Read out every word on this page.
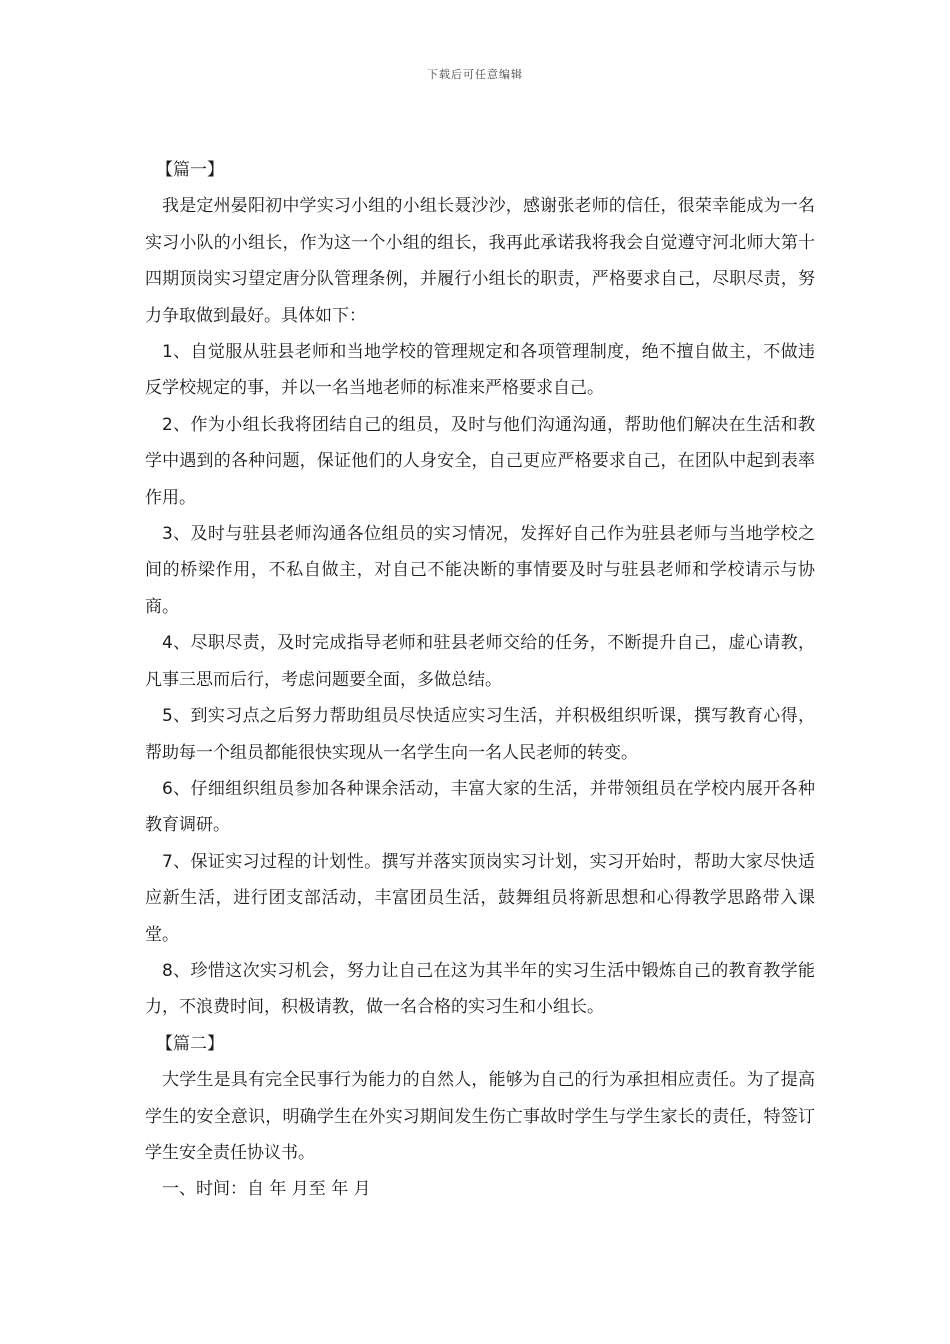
下载后可任意编辑

【篇一】

我是定州晏阳初中学实习小组的小组长聂沙沙，感谢张老师的信任，很荣幸能成为一名实习小队的小组长，作为这一个小组的组长，我再此承诺我将我会自觉遵守河北师大第十四期顶岗实习望定唐分队管理条例，并履行小组长的职责，严格要求自己，尽职尽责，努力争取做到最好。具体如下：

1、自觉服从驻县老师和当地学校的管理规定和各项管理制度，绝不擅自做主，不做违反学校规定的事，并以一名当地老师的标准来严格要求自己。

2、作为小组长我将团结自己的组员，及时与他们沟通沟通，帮助他们解决在生活和教学中遇到的各种问题，保证他们的人身安全，自己更应严格要求自己，在团队中起到表率作用。

3、及时与驻县老师沟通各位组员的实习情况，发挥好自己作为驻县老师与当地学校之间的桥梁作用，不私自做主，对自己不能决断的事情要及时与驻县老师和学校请示与协商。

4、尽职尽责，及时完成指导老师和驻县老师交给的任务，不断提升自己，虚心请教，凡事三思而后行，考虑问题要全面，多做总结。

5、到实习点之后努力帮助组员尽快适应实习生活，并积极组织听课，撰写教育心得，帮助每一个组员都能很快实现从一名学生向一名人民老师的转变。

6、仔细组织组员参加各种课余活动，丰富大家的生活，并带领组员在学校内展开各种教育调研。

7、保证实习过程的计划性。撰写并落实顶岗实习计划，实习开始时，帮助大家尽快适应新生活，进行团支部活动，丰富团员生活，鼓舞组员将新思想和心得教学思路带入课堂。

8、珍惜这次实习机会，努力让自己在这为其半年的实习生活中锻炼自己的教育教学能力，不浪费时间，积极请教，做一名合格的实习生和小组长。

【篇二】

大学生是具有完全民事行为能力的自然人，能够为自己的行为承担相应责任。为了提高学生的安全意识，明确学生在外实习期间发生伤亡事故时学生与学生家长的责任，特签订学生安全责任协议书。

一、时间：自 年 月至 年 月
